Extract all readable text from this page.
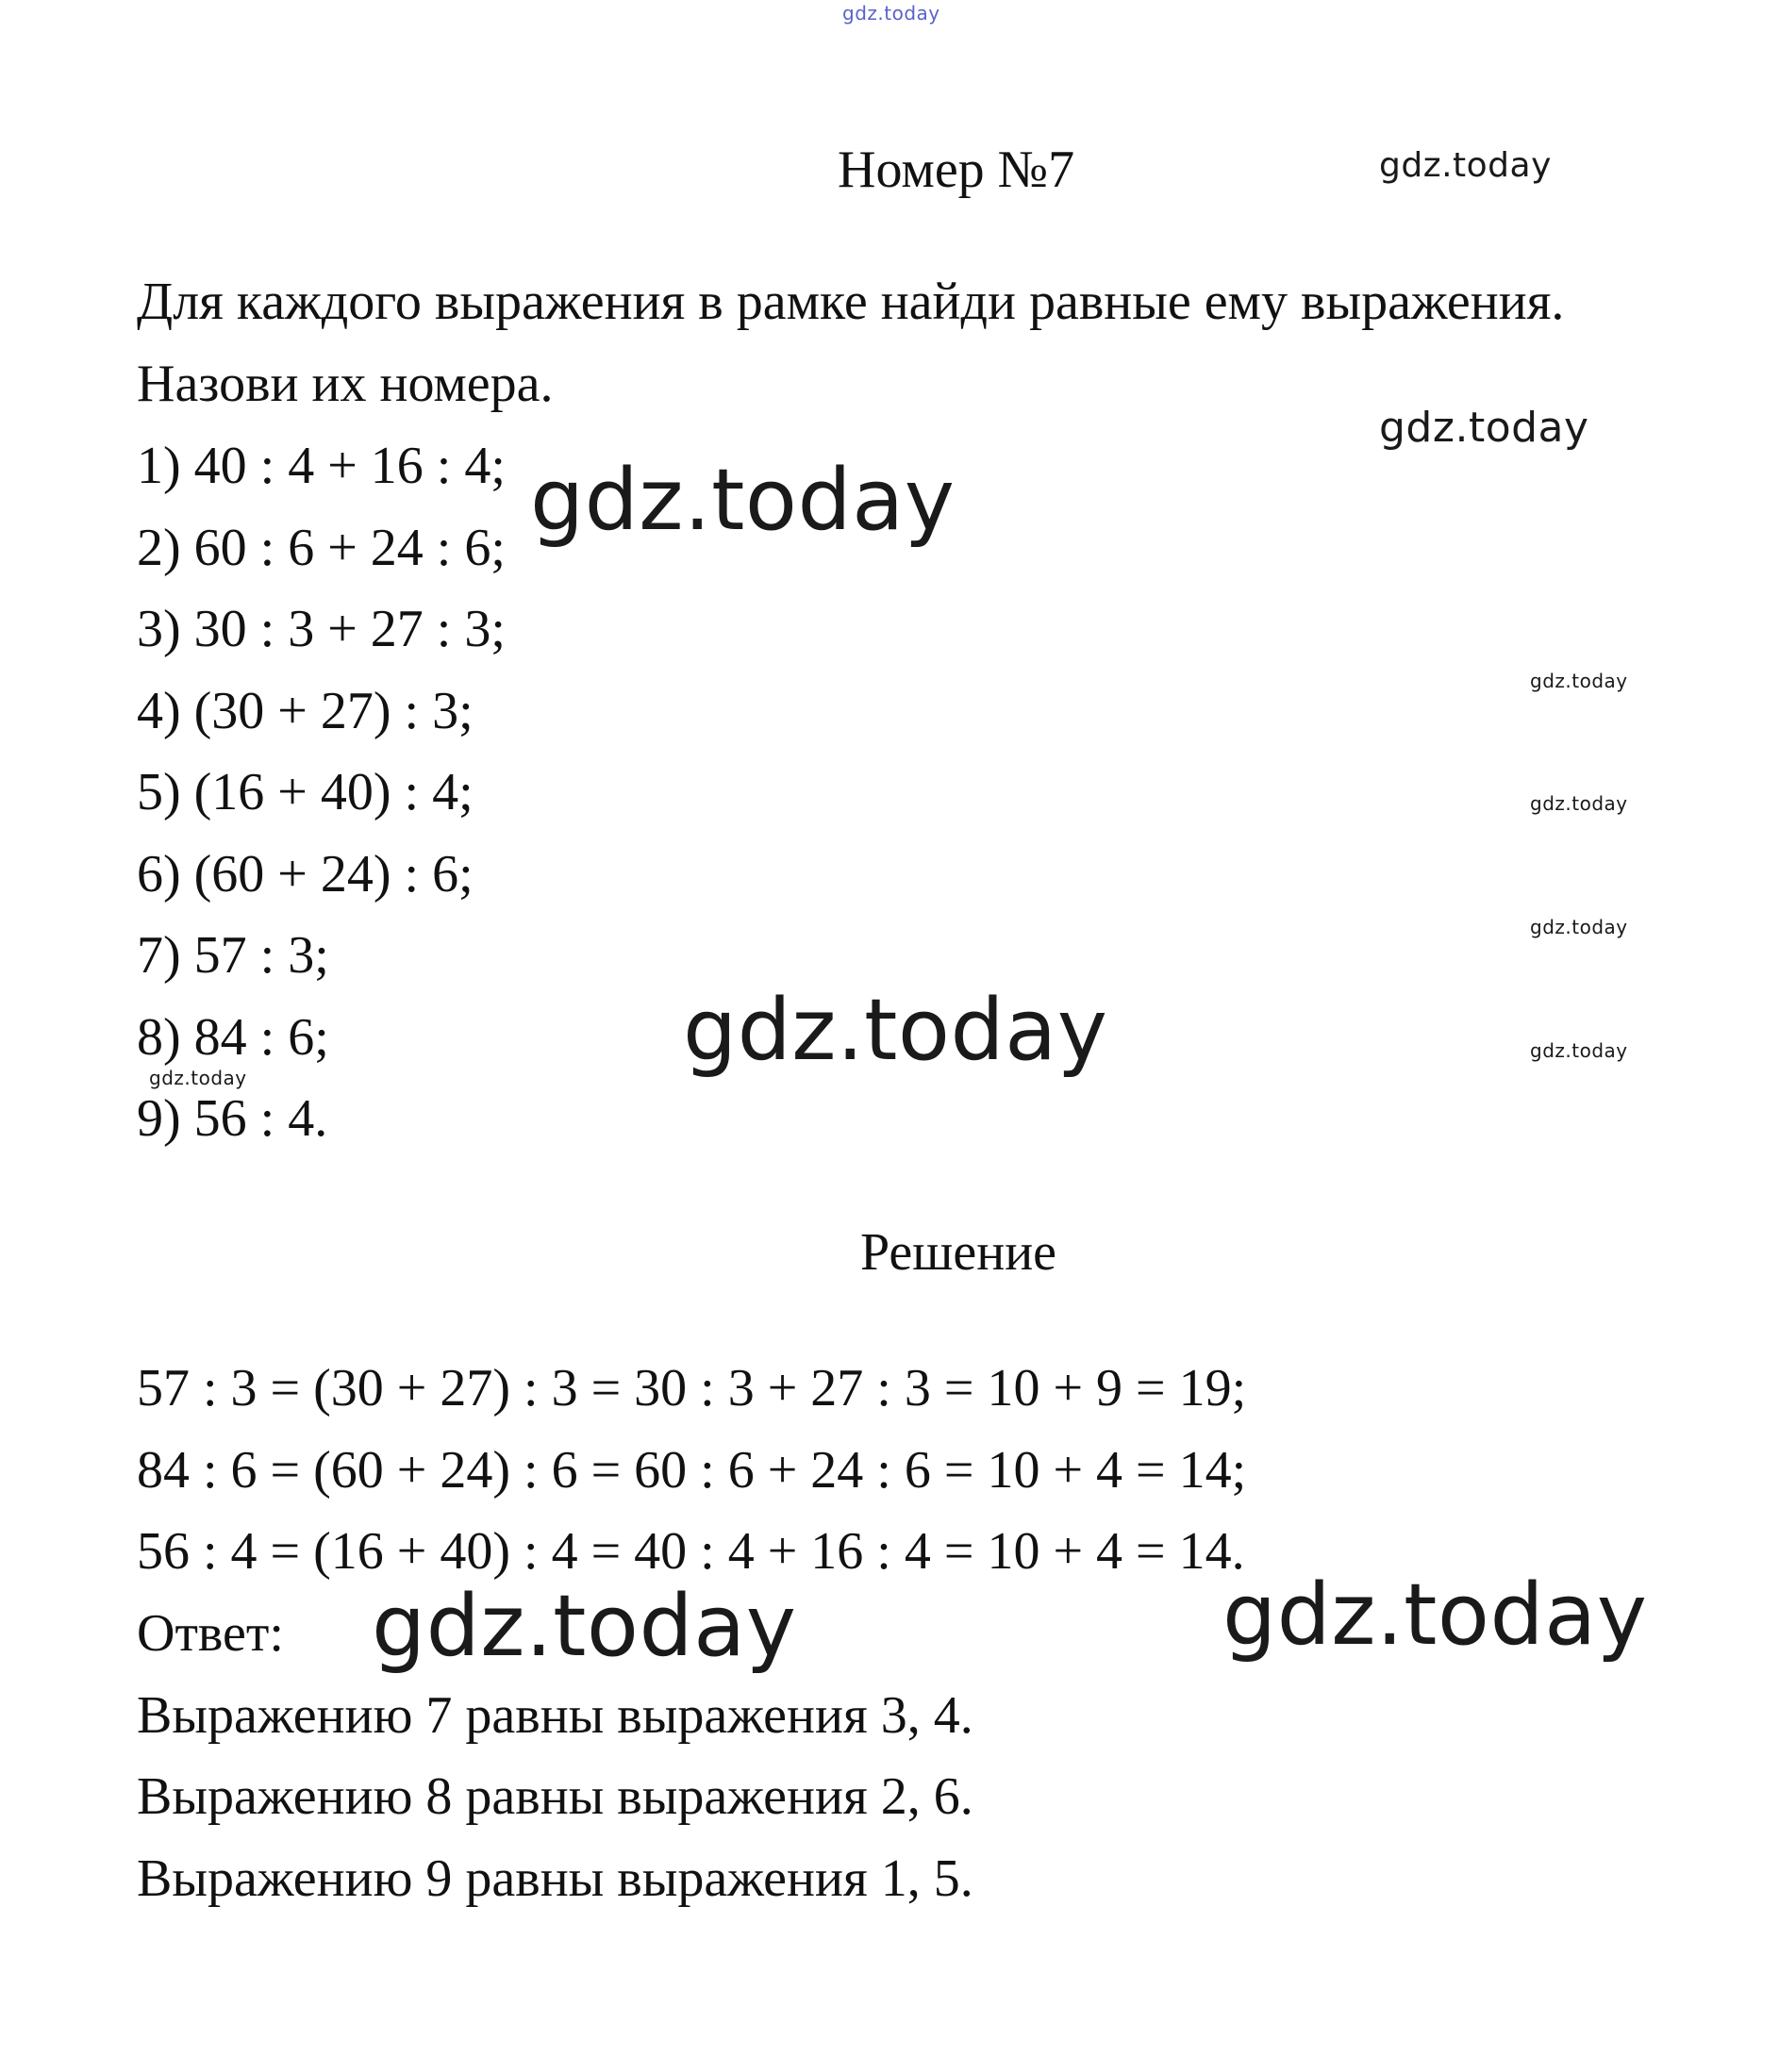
gdz.today
Номер №7	gdz.today
Для каждого выражения в рамке найди равные ему выражения.
Назови их номера.
gdz.today
1) 40 : 4 + 16 : 4; gdz.today
2) 60 : 6 + 24 : 6;
3) 30 : 3 + 27 : 3;
4) (30 + 27) : 3;
gdz.today
5) (16 + 40) : 4;	gdz.today
6) (60 + 24) : 6;
7) 57 : 3;	gdz.today
gdz.today
8) 84 : 6;	gdz.today
gdz.today
9) 56 : 4.
Решение
57 : 3 = (30 + 27) : 3 = 30 : 3 + 27 : 3 = 10 + 9 = 19;
84 : 6 = (60 + 24) : 6 = 60 : 6 + 24 : 6 = 10 + 4 = 14;
56 : 4 = (16 + 40) : 4 = 40 : 4 + 16 : 4 = 10 + 4 = 14.
Ответ: gdz.today	gdz.today
Выражению 7 равны выражения 3, 4.
Выражению 8 равны выражения 2, 6.
Выражению 9 равны выражения 1, 5.
